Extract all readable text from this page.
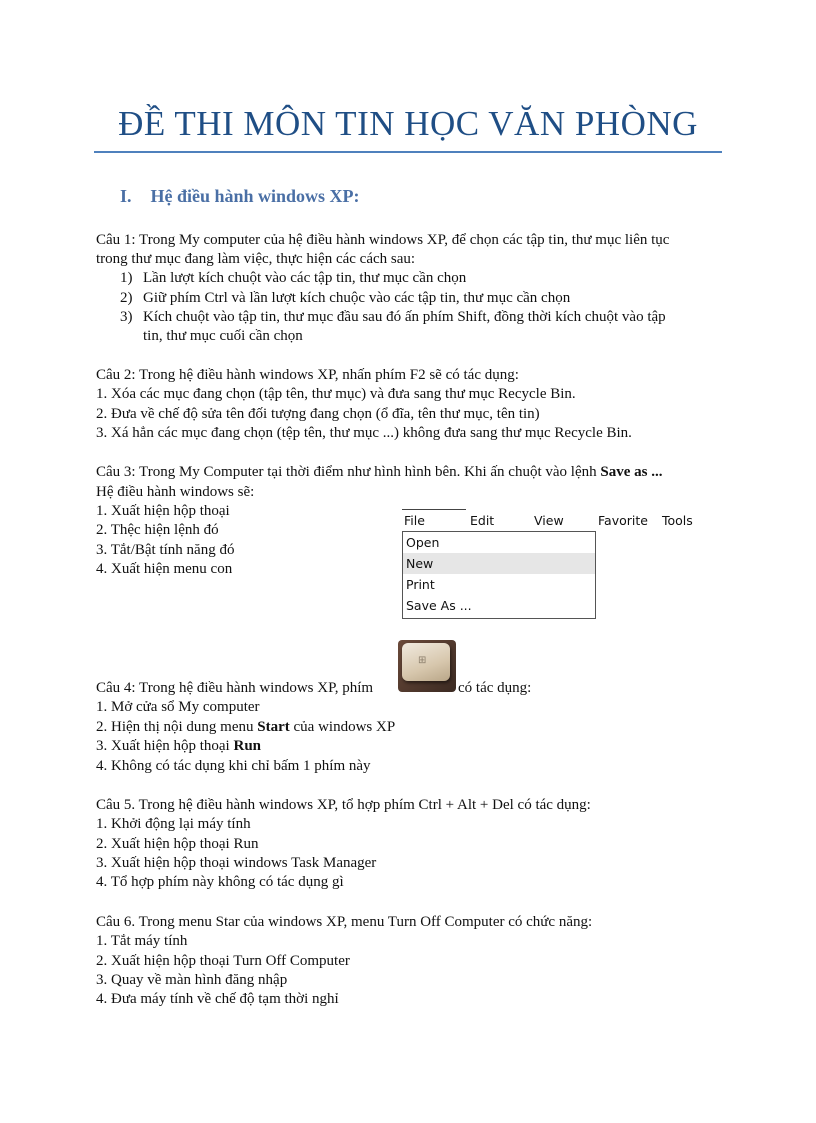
ĐỀ THI MÔN TIN HỌC VĂN PHÒNG
I. Hệ điều hành windows XP:
Câu 1: Trong My computer của hệ điều hành windows XP, để chọn các tập tin, thư mục liên tục
trong thư mục đang làm việc, thực hiện các cách sau:
1) Lần lượt kích chuột vào các tập tin, thư mục cần chọn
2) Giữ phím Ctrl và lần lượt kích chuộc vào các tập tin, thư mục cần chọn
3) Kích chuột vào tập tin, thư mục đầu sau đó ấn phím Shift, đồng thời kích chuột vào tập
tin, thư mục cuối cần chọn
Câu 2: Trong hệ điều hành windows XP, nhấn phím F2 sẽ có tác dụng:
1. Xóa các mục đang chọn (tập tên, thư mục) và đưa sang thư mục Recycle Bin.
2. Đưa về chế độ sửa tên đối tượng đang chọn (ổ đĩa, tên thư mục, tên tin)
3. Xá hẳn các mục đang chọn (tệp tên, thư mục ...) không đưa sang thư mục Recycle Bin.
Câu 3: Trong My Computer tại thời điểm như hình hình bên. Khi ấn chuột vào lệnh Save as ...
Hệ điều hành windows sẽ:
1. Xuất hiện hộp thoại
2. Thệc hiện lệnh đó
3. Tắt/Bật tính năng đó
4. Xuất hiện menu con
File	Edit	View	Favorite Tools
Open
New
Print
Save As ...
⊞
Câu 4: Trong hệ điều hành windows XP, phím	có tác dụng:
1. Mở cửa sổ My computer
2. Hiện thị nội dung menu Start của windows XP
3. Xuất hiện hộp thoại Run
4. Không có tác dụng khi chỉ bấm 1 phím này
Câu 5. Trong hệ điều hành windows XP, tổ hợp phím Ctrl + Alt + Del có tác dụng:
1. Khởi động lại máy tính
2. Xuất hiện hộp thoại Run
3. Xuất hiện hộp thoại windows Task Manager
4. Tổ hợp phím này không có tác dụng gì
Câu 6. Trong menu Star của windows XP, menu Turn Off Computer có chức năng:
1. Tắt máy tính
2. Xuất hiện hộp thoại Turn Off Computer
3. Quay về màn hình đăng nhập
4. Đưa máy tính về chế độ tạm thời nghỉ
